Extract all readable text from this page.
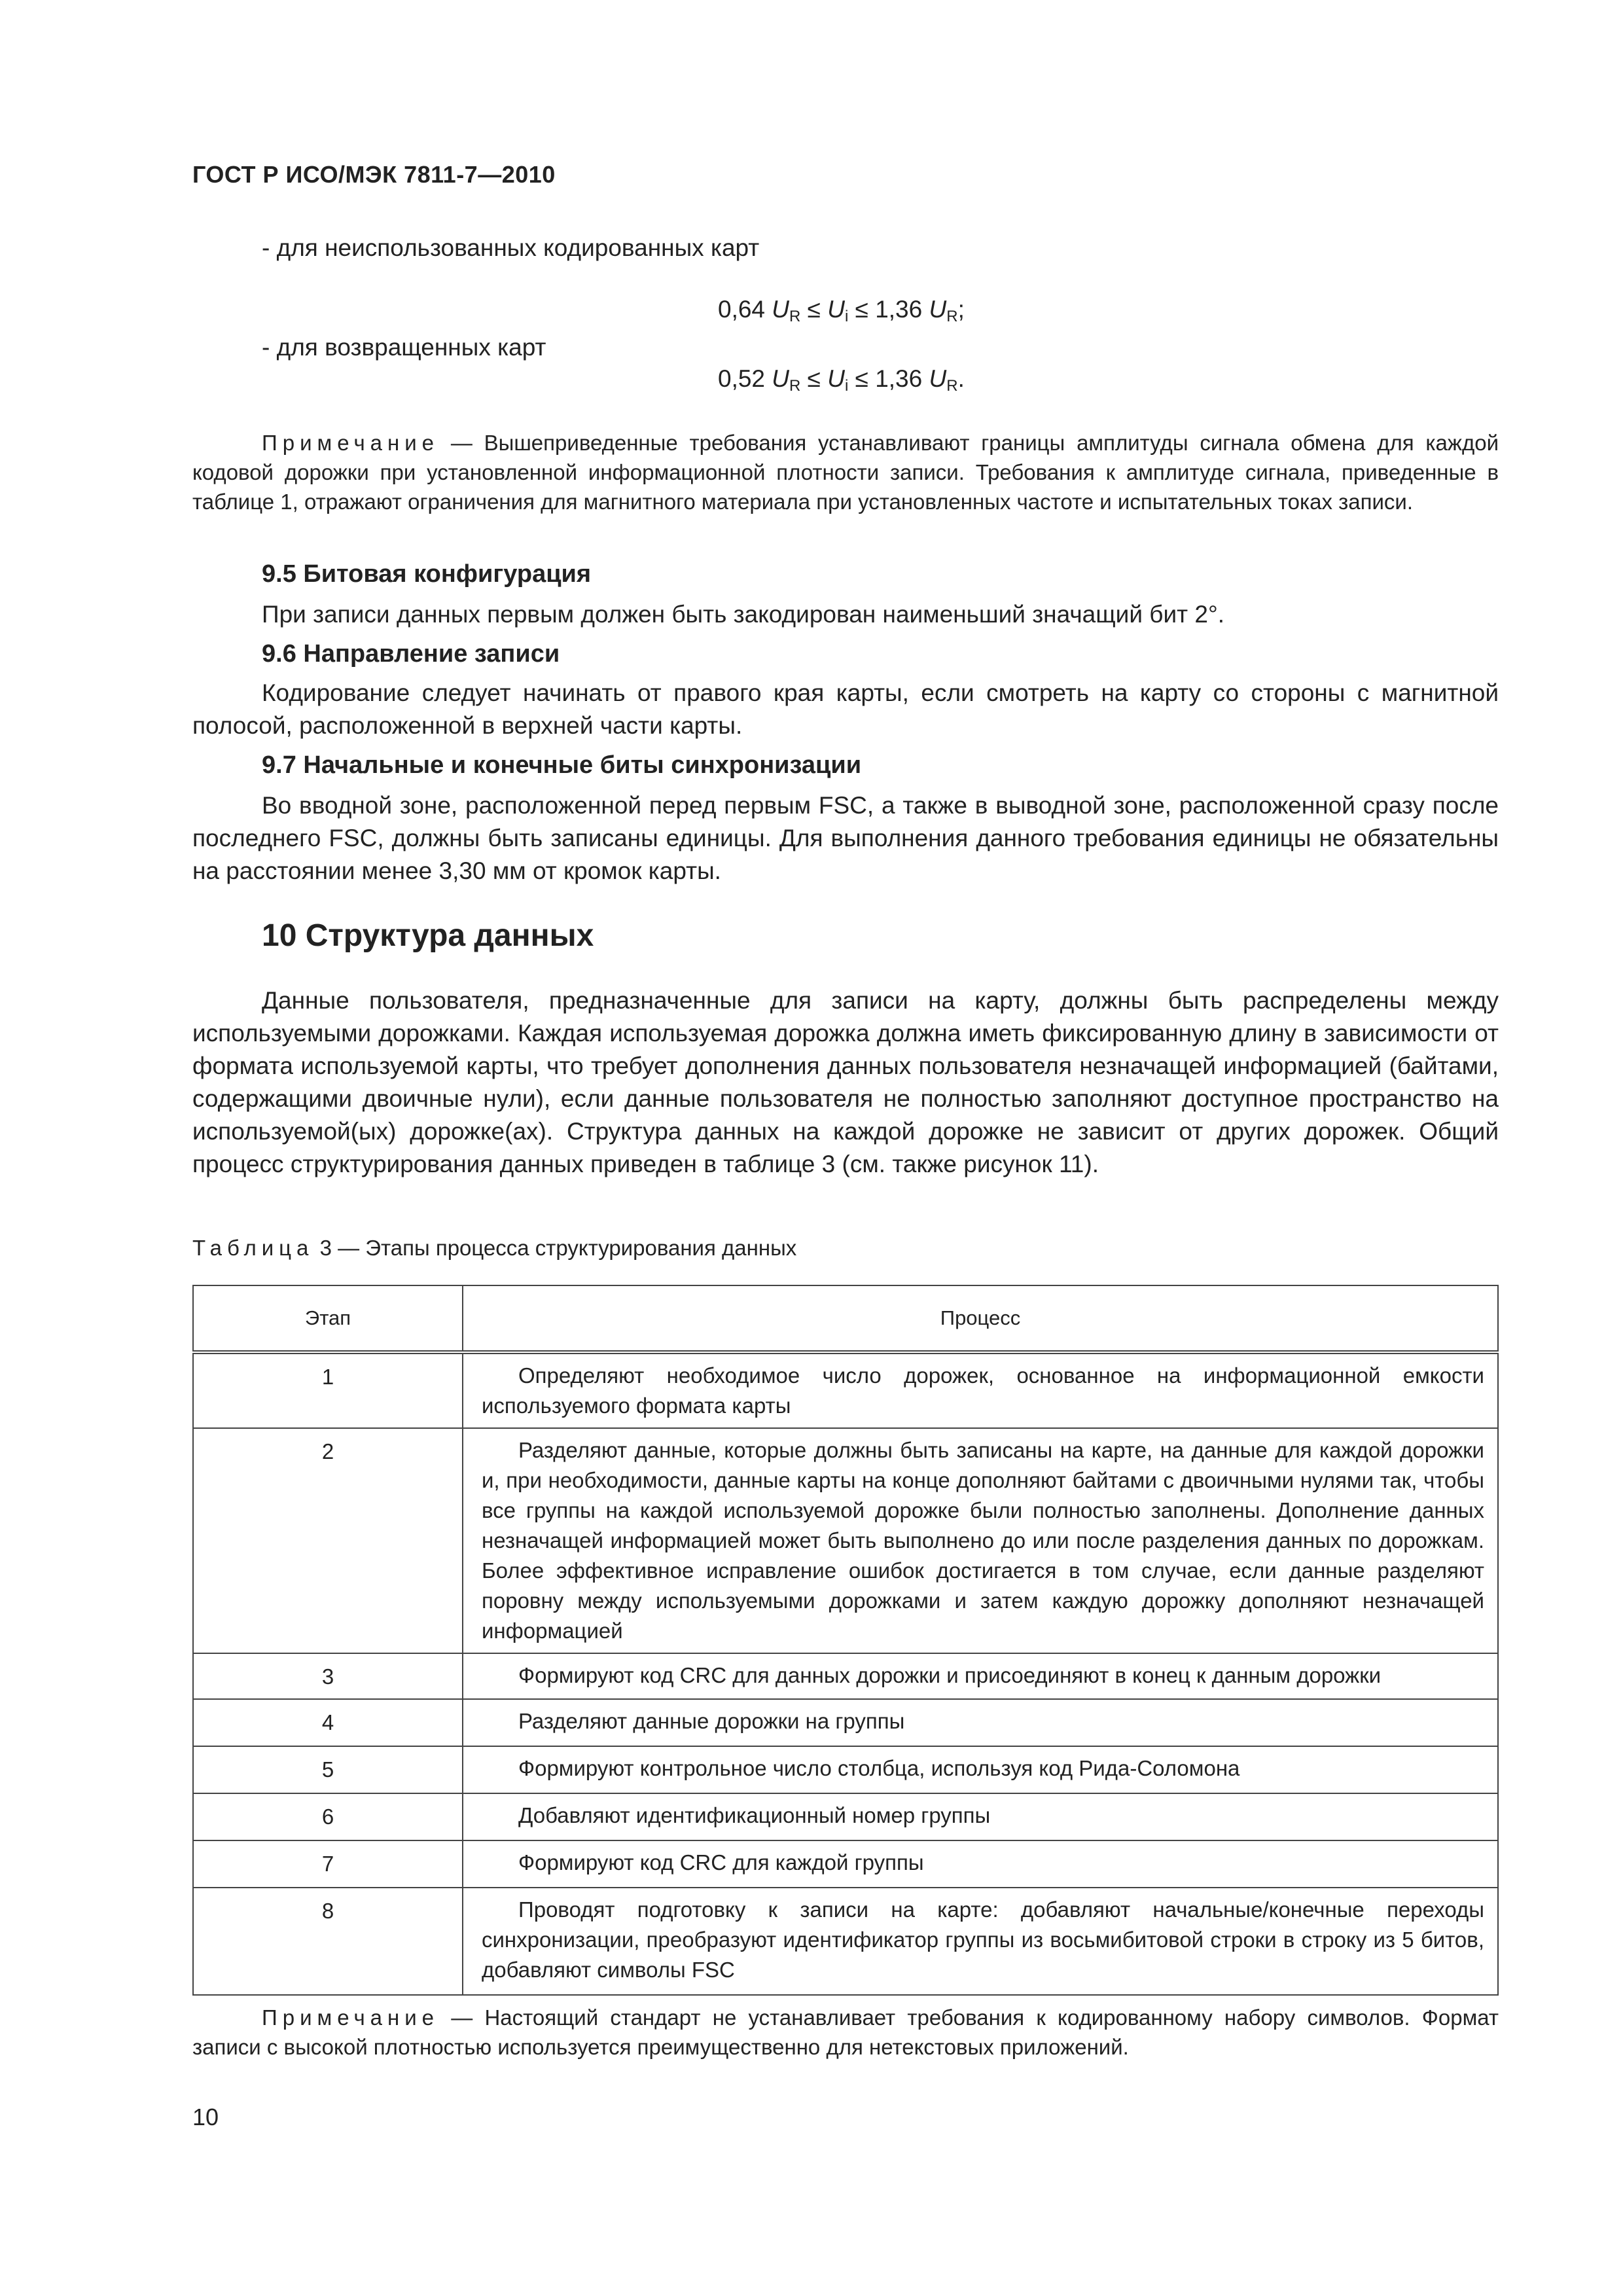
ГОСТ Р ИСО/МЭК 7811-7—2010
- для неиспользованных кодированных карт
0,64 $U_R \le U_i \le 1,36$ $U_R$;
- для возвращенных карт
0,52 $U_R \le U_i \le 1,36$ $U_R$.
Примечание — Вышеприведенные требования устанавливают границы амплитуды сигнала обмена для каждой кодовой дорожки при установленной информационной плотности записи. Требования к амплитуде сигнала, приведенные в таблице 1, отражают ограничения для магнитного материала при установленных частоте и испытательных токах записи.
9.5 Битовая конфигурация
При записи данных первым должен быть закодирован наименьший значащий бит 2°.
9.6 Направление записи
Кодирование следует начинать от правого края карты, если смотреть на карту со стороны с магнитной полосой, расположенной в верхней части карты.
9.7 Начальные и конечные биты синхронизации
Во вводной зоне, расположенной перед первым FSC, а также в выводной зоне, расположенной сразу после последнего FSC, должны быть записаны единицы. Для выполнения данного требования единицы не обязательны на расстоянии менее 3,30 мм от кромок карты.
10 Структура данных
Данные пользователя, предназначенные для записи на карту, должны быть распределены между используемыми дорожками. Каждая используемая дорожка должна иметь фиксированную длину в зависимости от формата используемой карты, что требует дополнения данных пользователя незначащей информацией (байтами, содержащими двоичные нули), если данные пользователя не полностью заполняют доступное пространство на используемой(ых) дорожке(ах). Структура данных на каждой дорожке не зависит от других дорожек. Общий процесс структурирования данных приведен в таблице 3 (см. также рисунок 11).
Таблица 3 — Этапы процесса структурирования данных
Этап	Процесс
1	Определяют необходимое число дорожек, основанное на информационной емкости используемого формата карты

2	Разделяют данные, которые должны быть записаны на карте, на данные для каждой дорожки и, при необходимости, данные карты на конце дополняют байтами с двоичными нулями так, чтобы все группы на каждой используемой дорожке были полностью заполнены. Дополнение данных незначащей информацией может быть выполнено до или после разделения данных по дорожкам. Более эффективное исправление ошибок достигается в том случае, если данные разделяют поровну между используемыми дорожками и затем каждую дорожку дополняют незначащей информацией

3	Формируют код CRC для данных дорожки и присоединяют в конец к данным дорожки

4	Разделяют данные дорожки на группы

5	Формируют контрольное число столбца, используя код Рида-Соломона

6	Добавляют идентификационный номер группы

7	Формируют код CRC для каждой группы

8	Проводят подготовку к записи на карте: добавляют начальные/конечные переходы синхронизации, преобразуют идентификатор группы из восьмибитовой строки в строку из 5 битов, добавляют символы FSC
Примечание — Настоящий стандарт не устанавливает требования к кодированному набору символов. Формат записи с высокой плотностью используется преимущественно для нетекстовых приложений.
10
